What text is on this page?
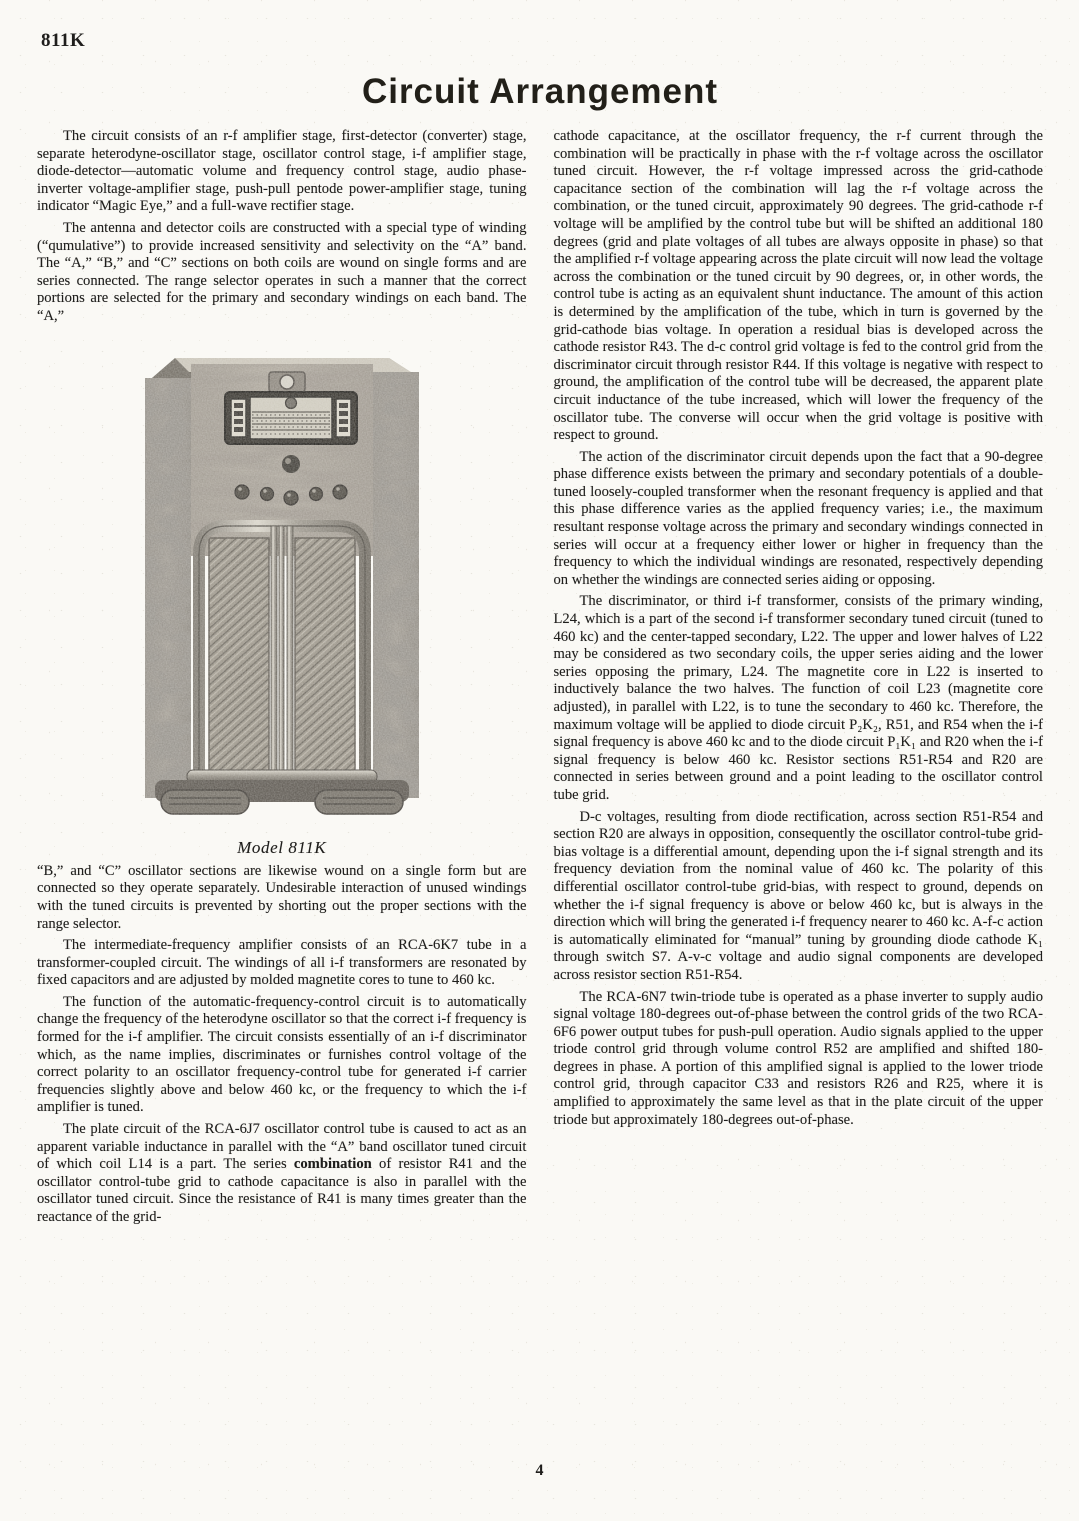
811K
Circuit Arrangement

The circuit consists of an r-f amplifier stage, first-detector (converter) stage, separate heterodyne-oscillator stage, oscillator control stage, i-f amplifier stage, diode-detector—automatic volume and frequency control stage, audio phase-inverter voltage-amplifier stage, push-pull pentode power-amplifier stage, tuning indicator “Magic Eye,” and a full-wave rectifier stage.

The antenna and detector coils are constructed with a special type of winding (“qumulative”) to provide increased sensitivity and selectivity on the “A” band. The “A,” “B,” and “C” sections on both coils are wound on single forms and are series connected. The range selector operates in such a manner that the correct portions are selected for the primary and secondary windings on each band. The “A,”

Model 811K

“B,” and “C” oscillator sections are likewise wound on a single form but are connected so they operate separately. Undesirable interaction of unused windings with the tuned circuits is prevented by shorting out the proper sections with the range selector.

The intermediate-frequency amplifier consists of an RCA-6K7 tube in a transformer-coupled circuit. The windings of all i-f transformers are resonated by fixed capacitors and are adjusted by molded magnetite cores to tune to 460 kc.

The function of the automatic-frequency-control circuit is to automatically change the frequency of the heterodyne oscillator so that the correct i-f frequency is formed for the i-f amplifier. The circuit consists essentially of an i-f discriminator which, as the name implies, discriminates or furnishes control voltage of the correct polarity to an oscillator frequency-control tube for generated i-f carrier frequencies slightly above and below 460 kc, or the frequency to which the i-f amplifier is tuned.

The plate circuit of the RCA-6J7 oscillator control tube is caused to act as an apparent variable inductance in parallel with the “A” band oscillator tuned circuit of which coil L14 is a part. The series combination of resistor R41 and the oscillator control-tube grid to cathode capacitance is also in parallel with the oscillator tuned circuit. Since the resistance of R41 is many times greater than the reactance of the grid-

cathode capacitance, at the oscillator frequency, the r-f current through the combination will be practically in phase with the r-f voltage across the oscillator tuned circuit. However, the r-f voltage impressed across the grid-cathode capacitance section of the combination will lag the r-f voltage across the combination, or the tuned circuit, approximately 90 degrees. The grid-cathode r-f voltage will be amplified by the control tube but will be shifted an additional 180 degrees (grid and plate voltages of all tubes are always opposite in phase) so that the amplified r-f voltage appearing across the plate circuit will now lead the voltage across the combination or the tuned circuit by 90 degrees, or, in other words, the control tube is acting as an equivalent shunt inductance. The amount of this action is determined by the amplification of the tube, which in turn is governed by the grid-cathode bias voltage. In operation a residual bias is developed across the cathode resistor R43. The d-c control grid voltage is fed to the control grid from the discriminator circuit through resistor R44. If this voltage is negative with respect to ground, the amplification of the control tube will be decreased, the apparent plate circuit inductance of the tube increased, which will lower the frequency of the oscillator tube. The converse will occur when the grid voltage is positive with respect to ground.

The action of the discriminator circuit depends upon the fact that a 90-degree phase difference exists between the primary and secondary potentials of a double-tuned loosely-coupled transformer when the resonant frequency is applied and that this phase difference varies as the applied frequency varies; i.e., the maximum resultant response voltage across the primary and secondary windings connected in series will occur at a frequency either lower or higher in frequency than the frequency to which the individual windings are resonated, respectively depending on whether the windings are connected series aiding or opposing.

The discriminator, or third i-f transformer, consists of the primary winding, L24, which is a part of the second i-f transformer secondary tuned circuit (tuned to 460 kc) and the center-tapped secondary, L22. The upper and lower halves of L22 may be considered as two secondary coils, the upper series aiding and the lower series opposing the primary, L24. The magnetite core in L22 is inserted to inductively balance the two halves. The function of coil L23 (magnetite core adjusted), in parallel with L22, is to tune the secondary to 460 kc. Therefore, the maximum voltage will be applied to diode circuit P₂K₂, R51, and R54 when the i-f signal frequency is above 460 kc and to the diode circuit P₁K₁ and R20 when the i-f signal frequency is below 460 kc. Resistor sections R51-R54 and R20 are connected in series between ground and a point leading to the oscillator control tube grid.

D-c voltages, resulting from diode rectification, across section R51-R54 and section R20 are always in opposition, consequently the oscillator control-tube grid-bias voltage is a differential amount, depending upon the i-f signal strength and its frequency deviation from the nominal value of 460 kc. The polarity of this differential oscillator control-tube grid-bias, with respect to ground, depends on whether the i-f signal frequency is above or below 460 kc, but is always in the direction which will bring the generated i-f frequency nearer to 460 kc. A-f-c action is automatically eliminated for “manual” tuning by grounding diode cathode K₁ through switch S7. A-v-c voltage and audio signal components are developed across resistor section R51-R54.

The RCA-6N7 twin-triode tube is operated as a phase inverter to supply audio signal voltage 180-degrees out-of-phase between the control grids of the two RCA-6F6 power output tubes for push-pull operation. Audio signals applied to the upper triode control grid through volume control R52 are amplified and shifted 180-degrees in phase. A portion of this amplified signal is applied to the lower triode control grid, through capacitor C33 and resistors R26 and R25, where it is amplified to approximately the same level as that in the plate circuit of the upper triode but approximately 180-degrees out-of-phase.

4
